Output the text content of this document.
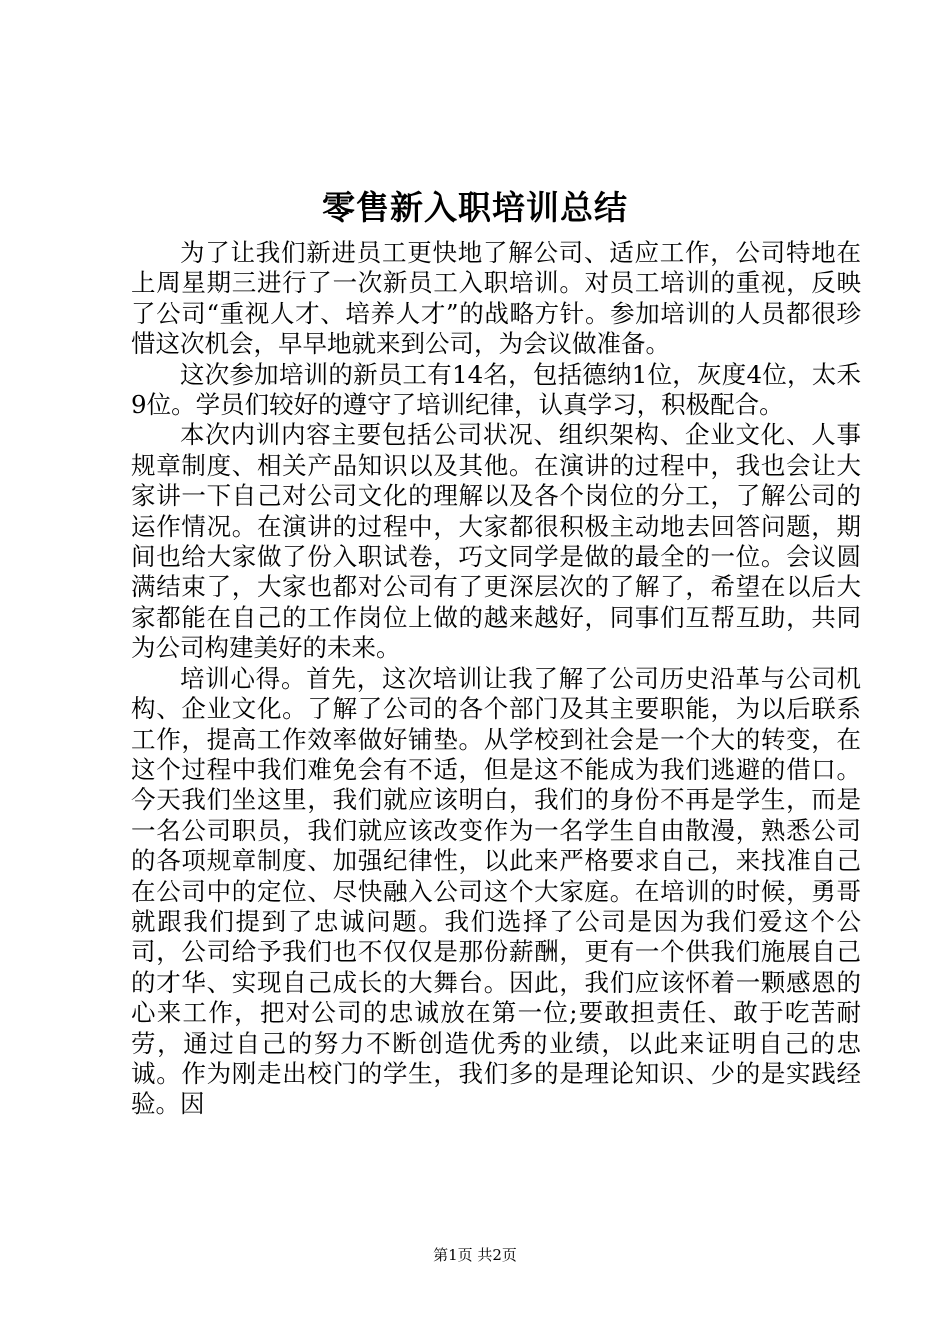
零售新入职培训总结

为了让我们新进员工更快地了解公司、适应工作，公司特地在上周星期三进行了一次新员工入职培训。对员工培训的重视，反映了公司“重视人才、培养人才”的战略方针。参加培训的人员都很珍惜这次机会，早早地就来到公司，为会议做准备。

这次参加培训的新员工有14名，包括德纳1位，灰度4位，太禾9位。学员们较好的遵守了培训纪律，认真学习，积极配合。

本次内训内容主要包括公司状况、组织架构、企业文化、人事规章制度、相关产品知识以及其他。在演讲的过程中，我也会让大家讲一下自己对公司文化的理解以及各个岗位的分工，了解公司的运作情况。在演讲的过程中，大家都很积极主动地去回答问题，期间也给大家做了份入职试卷，巧文同学是做的最全的一位。会议圆满结束了，大家也都对公司有了更深层次的了解了，希望在以后大家都能在自己的工作岗位上做的越来越好，同事们互帮互助，共同为公司构建美好的未来。

培训心得。首先，这次培训让我了解了公司历史沿革与公司机构、企业文化。了解了公司的各个部门及其主要职能，为以后联系工作，提高工作效率做好铺垫。从学校到社会是一个大的转变，在这个过程中我们难免会有不适，但是这不能成为我们逃避的借口。今天我们坐这里，我们就应该明白，我们的身份不再是学生，而是一名公司职员，我们就应该改变作为一名学生自由散漫，熟悉公司的各项规章制度、加强纪律性，以此来严格要求自己，来找准自己在公司中的定位、尽快融入公司这个大家庭。在培训的时候，勇哥就跟我们提到了忠诚问题。我们选择了公司是因为我们爱这个公司，公司给予我们也不仅仅是那份薪酬，更有一个供我们施展自己的才华、实现自己成长的大舞台。因此，我们应该怀着一颗感恩的心来工作，把对公司的忠诚放在第一位;要敢担责任、敢于吃苦耐劳，通过自己的努力不断创造优秀的业绩，以此来证明自己的忠诚。作为刚走出校门的学生，我们多的是理论知识、少的是实践经验。因

第1页 共2页
